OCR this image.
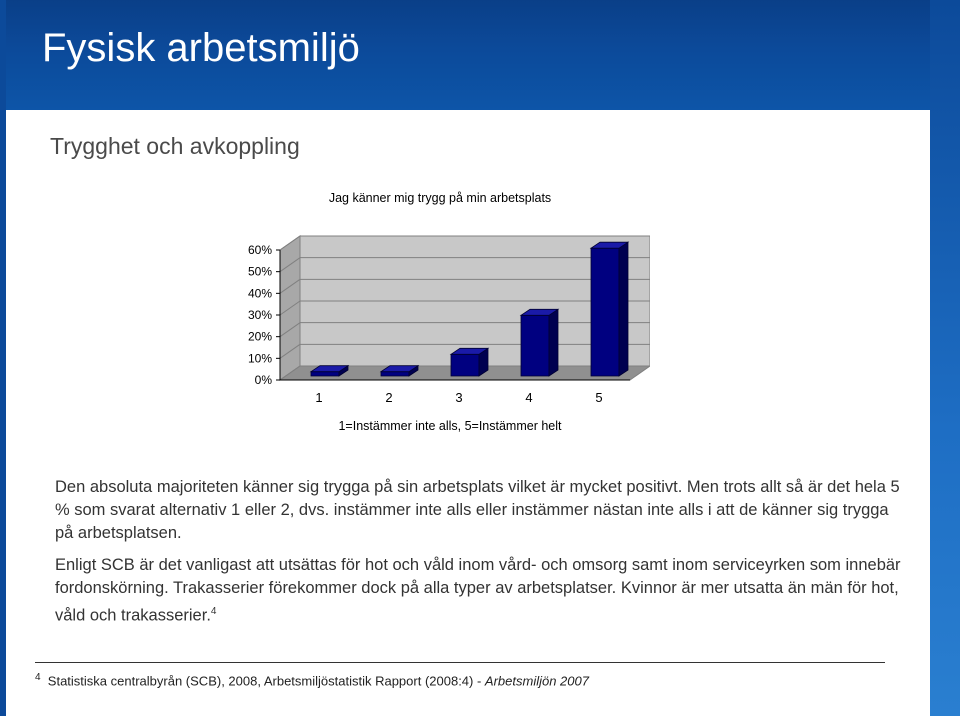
Fysisk arbetsmiljö
Trygghet och avkoppling
0%
10%
20%
30%
40%
50%
60%
1	2	3	4	5
Jag känner mig trygg på min arbetsplats
1=Instämmer inte alls, 5=Instämmer helt

Den absoluta majoriteten känner sig trygga på sin arbetsplats vilket är mycket positivt. Men trots allt så är det hela 5 % som svarat alternativ 1 eller 2, dvs. instämmer inte alls eller instämmer nästan inte alls i att de känner sig trygga på arbetsplatsen.

Enligt SCB är det vanligast att utsättas för hot och våld inom vård- och omsorg samt inom serviceyrken som innebär fordonskörning. Trakasserier förekommer dock på alla typer av arbetsplatser. Kvinnor är mer utsatta än män för hot, våld och trakasserier.$^4$

$^4$ Statistiska centralbyrån (SCB), 2008, Arbetsmiljöstatistik Rapport (2008:4) - Arbetsmiljön 2007
